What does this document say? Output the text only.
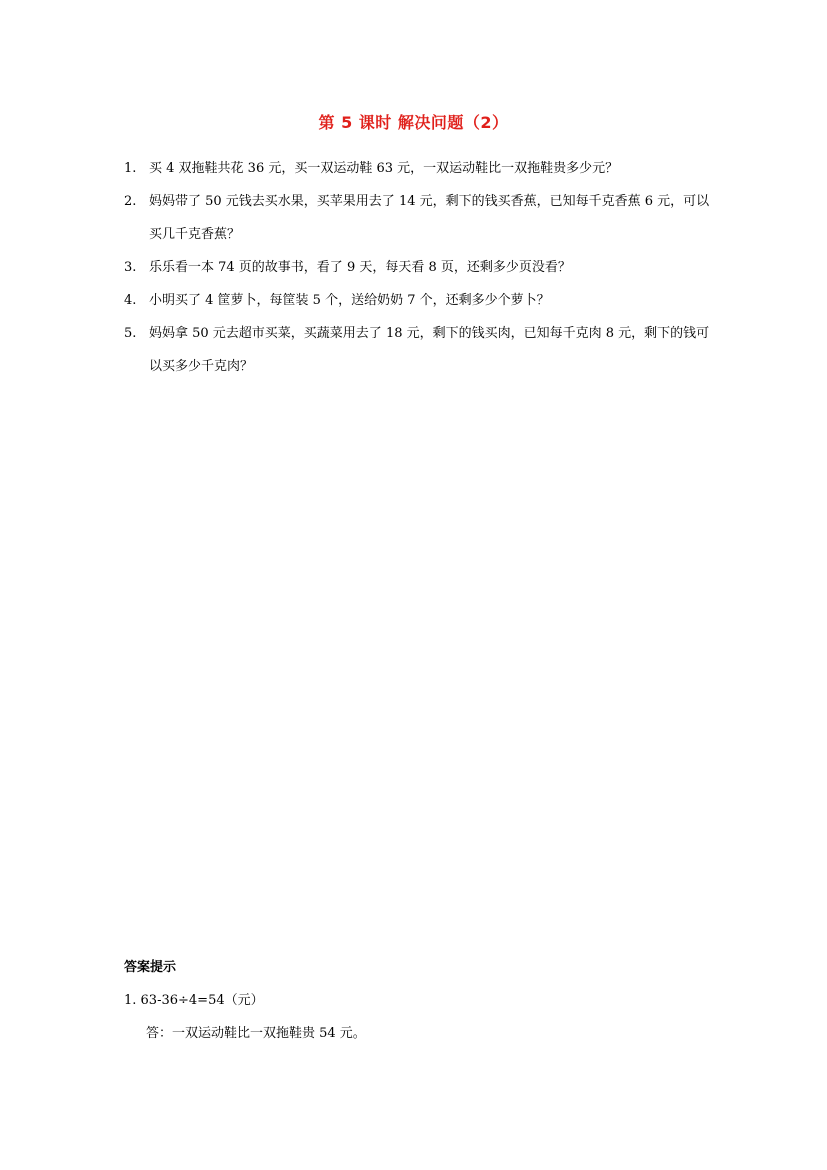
第 5 课时 解决问题（2）
1. 买 4 双拖鞋共花 36 元，买一双运动鞋 63 元，一双运动鞋比一双拖鞋贵多少元？
2. 妈妈带了 50 元钱去买水果，买苹果用去了 14 元，剩下的钱买香蕉，已知每千克香蕉 6 元，可以买几千克香蕉？
3. 乐乐看一本 74 页的故事书，看了 9 天，每天看 8 页，还剩多少页没看？
4. 小明买了 4 筐萝卜，每筐装 5 个，送给奶奶 7 个，还剩多少个萝卜？
5. 妈妈拿 50 元去超市买菜，买蔬菜用去了 18 元，剩下的钱买肉，已知每千克肉 8 元，剩下的钱可以买多少千克肉？
答案提示
1. 63-36÷4=54（元）
答：一双运动鞋比一双拖鞋贵 54 元。
